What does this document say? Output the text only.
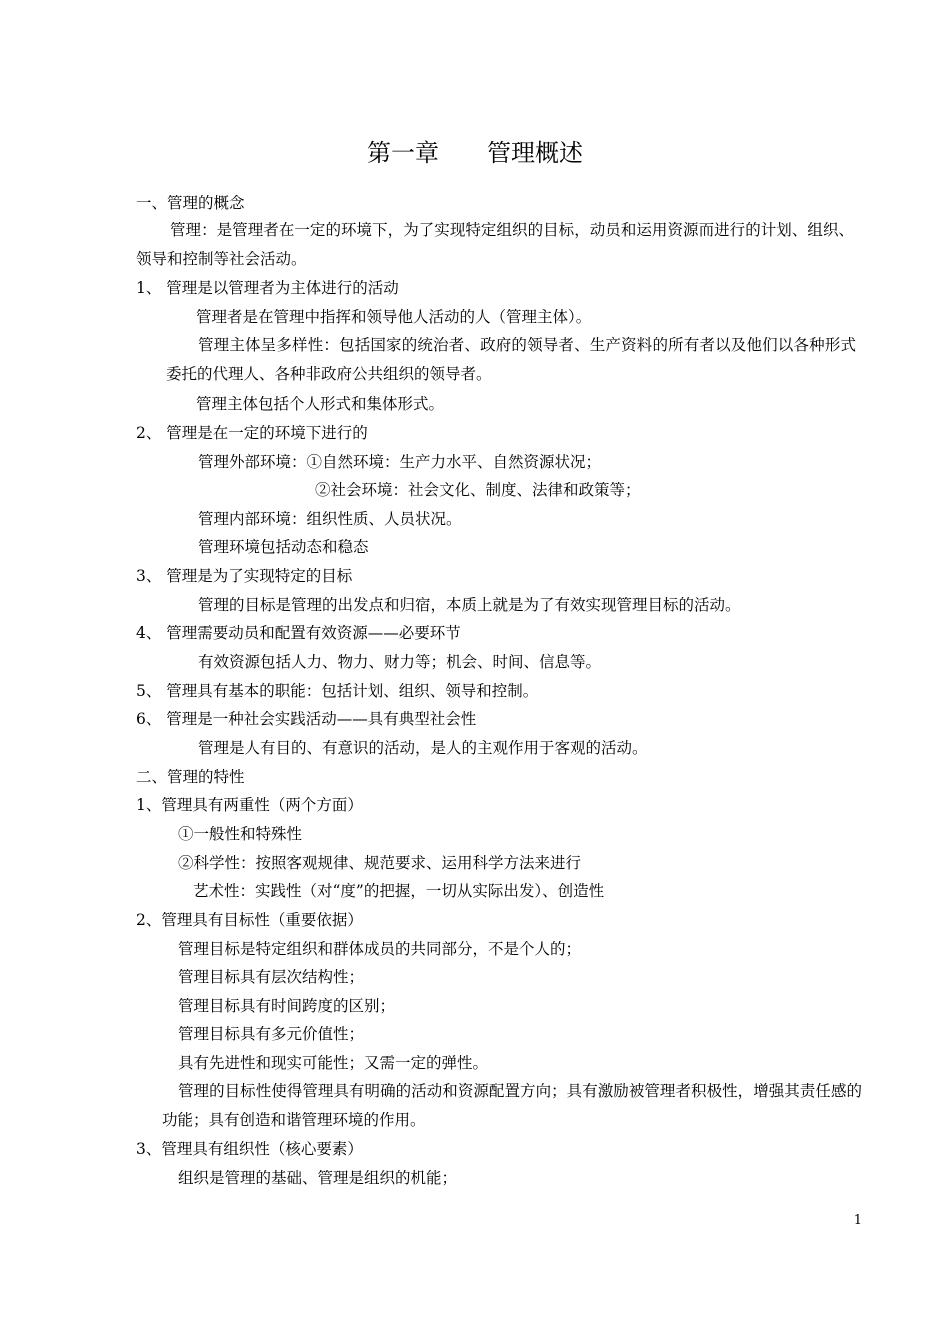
第一章　　管理概述
一、管理的概念
管理：是管理者在一定的环境下，为了实现特定组织的目标，动员和运用资源而进行的计划、组织、领导和控制等社会活动。
1、 管理是以管理者为主体进行的活动
管理者是在管理中指挥和领导他人活动的人（管理主体）。
管理主体呈多样性：包括国家的统治者、政府的领导者、生产资料的所有者以及他们以各种形式委托的代理人、各种非政府公共组织的领导者。
管理主体包括个人形式和集体形式。
2、 管理是在一定的环境下进行的
管理外部环境：①自然环境：生产力水平、自然资源状况；
②社会环境：社会文化、制度、法律和政策等；
管理内部环境：组织性质、人员状况。
管理环境包括动态和稳态
3、 管理是为了实现特定的目标
管理的目标是管理的出发点和归宿，本质上就是为了有效实现管理目标的活动。
4、 管理需要动员和配置有效资源——必要环节
有效资源包括人力、物力、财力等；机会、时间、信息等。
5、 管理具有基本的职能：包括计划、组织、领导和控制。
6、 管理是一种社会实践活动——具有典型社会性
管理是人有目的、有意识的活动，是人的主观作用于客观的活动。
二、管理的特性
1、管理具有两重性（两个方面）
①一般性和特殊性
②科学性：按照客观规律、规范要求、运用科学方法来进行
艺术性：实践性（对“度”的把握，一切从实际出发）、创造性
2、管理具有目标性（重要依据）
管理目标是特定组织和群体成员的共同部分，不是个人的；
管理目标具有层次结构性；
管理目标具有时间跨度的区别；
管理目标具有多元价值性；
具有先进性和现实可能性；又需一定的弹性。
管理的目标性使得管理具有明确的活动和资源配置方向；具有激励被管理者积极性，增强其责任感的功能；具有创造和谐管理环境的作用。
3、管理具有组织性（核心要素）
组织是管理的基础、管理是组织的机能；
1
